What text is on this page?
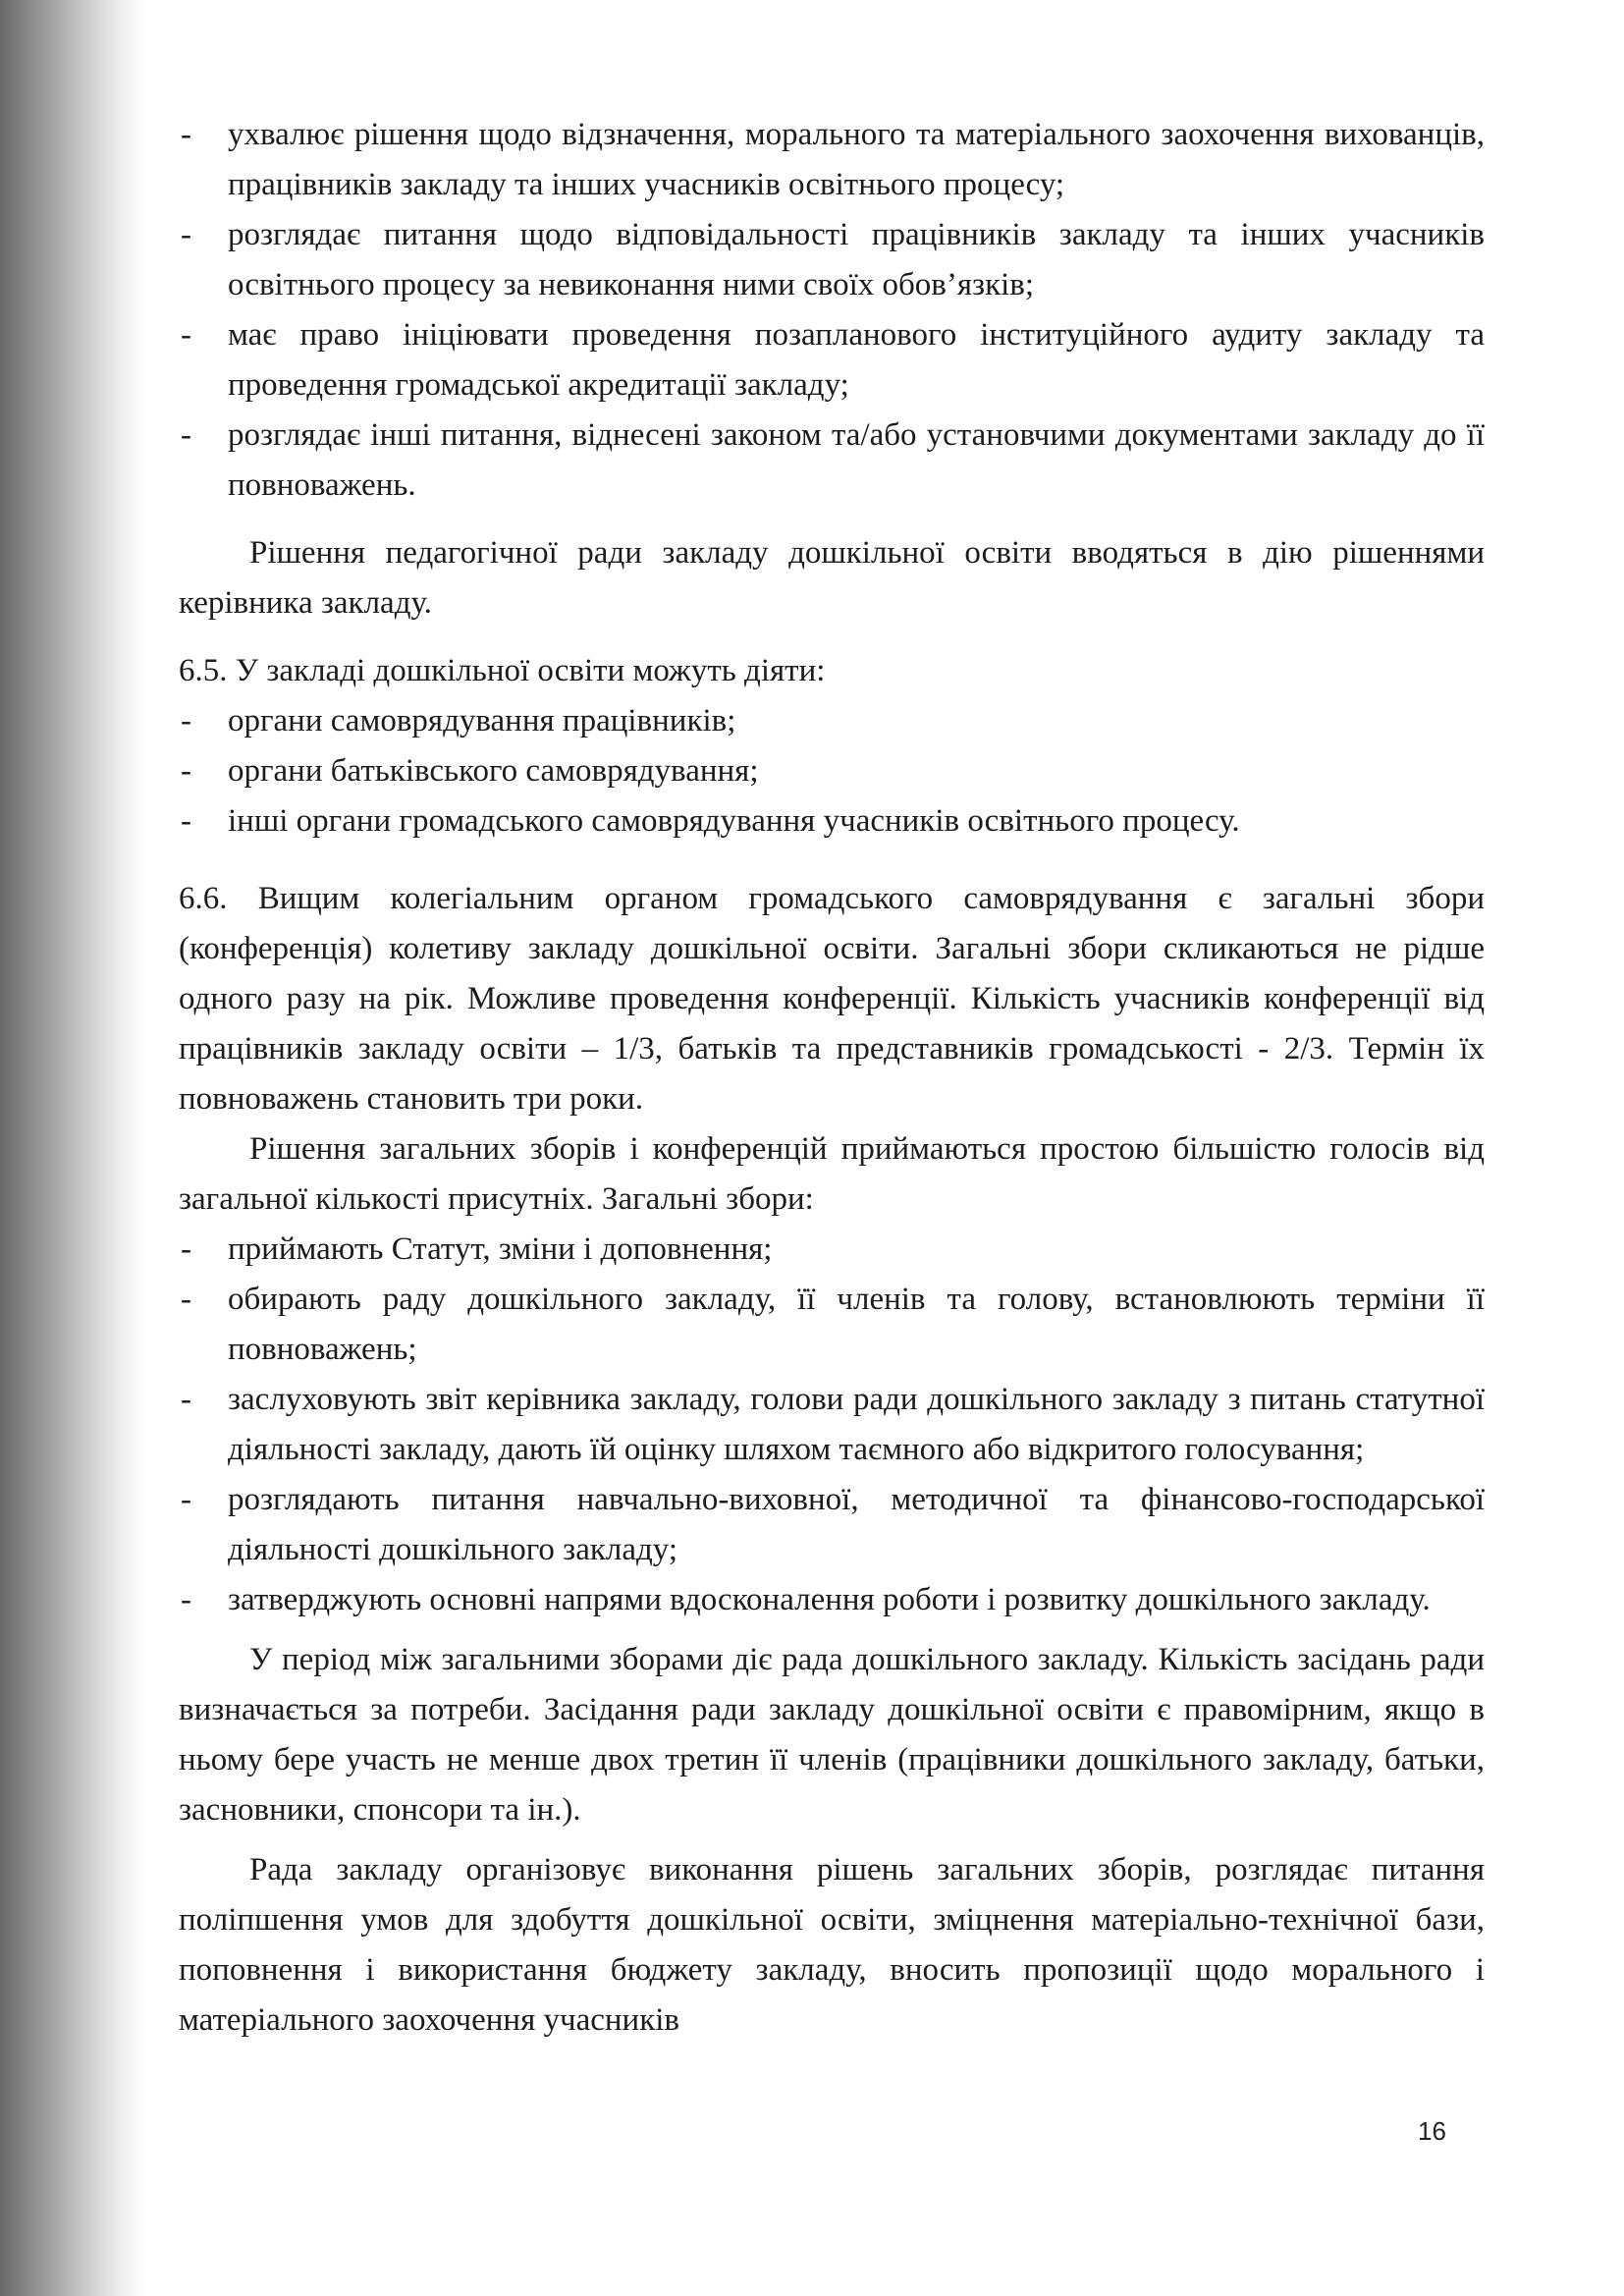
- ухвалює рішення щодо відзначення, морального та матеріального заохочення вихованців, працівників закладу та інших учасників освітнього процесу;
- розглядає питання щодо відповідальності працівників закладу та інших учасників освітнього процесу за невиконання ними своїх обов’язків;
- має право ініціювати проведення позапланового інституційного аудиту закладу та проведення громадської акредитації закладу;
- розглядає інші питання, віднесені законом та/або установчими документами закладу до її повноважень.

Рішення педагогічної ради закладу дошкільної освіти вводяться в дію рішеннями керівника закладу.

6.5. У закладі дошкільної освіти можуть діяти:

- органи самоврядування працівників;
- органи батьківського самоврядування;
- інші органи громадського самоврядування учасників освітнього процесу.

6.6. Вищим колегіальним органом громадського самоврядування є загальні збори (конференція) колетиву закладу дошкільної освіти. Загальні збори скликаються не рідше одного разу на рік. Можливе проведення конференції. Кількість учасників конференції від працівників закладу освіти – 1/3, батьків та представників громадськості - 2/3. Термін їх повноважень становить три роки.

Рішення загальних зборів і конференцій приймаються простою більшістю голосів від загальної кількості присутніх. Загальні збори:

- приймають Статут, зміни і доповнення;
- обирають раду дошкільного закладу, її членів та голову, встановлюють терміни її повноважень;
- заслуховують звіт керівника закладу, голови ради дошкільного закладу з питань статутної діяльності закладу, дають їй оцінку шляхом таємного або відкритого голосування;
- розглядають питання навчально-виховної, методичної та фінансово-господарської діяльності дошкільного закладу;
- затверджують основні напрями вдосконалення роботи і розвитку дошкільного закладу.

У період між загальними зборами діє рада дошкільного закладу. Кількість засідань ради визначається за потреби. Засідання ради закладу дошкільної освіти є правомірним, якщо в ньому бере участь не менше двох третин її членів (працівники дошкільного закладу, батьки, засновники, спонсори та ін.).

Рада закладу організовує виконання рішень загальних зборів, розглядає питання поліпшення умов для здобуття дошкільної освіти, зміцнення матеріально-технічної бази, поповнення і використання бюджету закладу, вносить пропозиції щодо морального і матеріального заохочення учасників

16
